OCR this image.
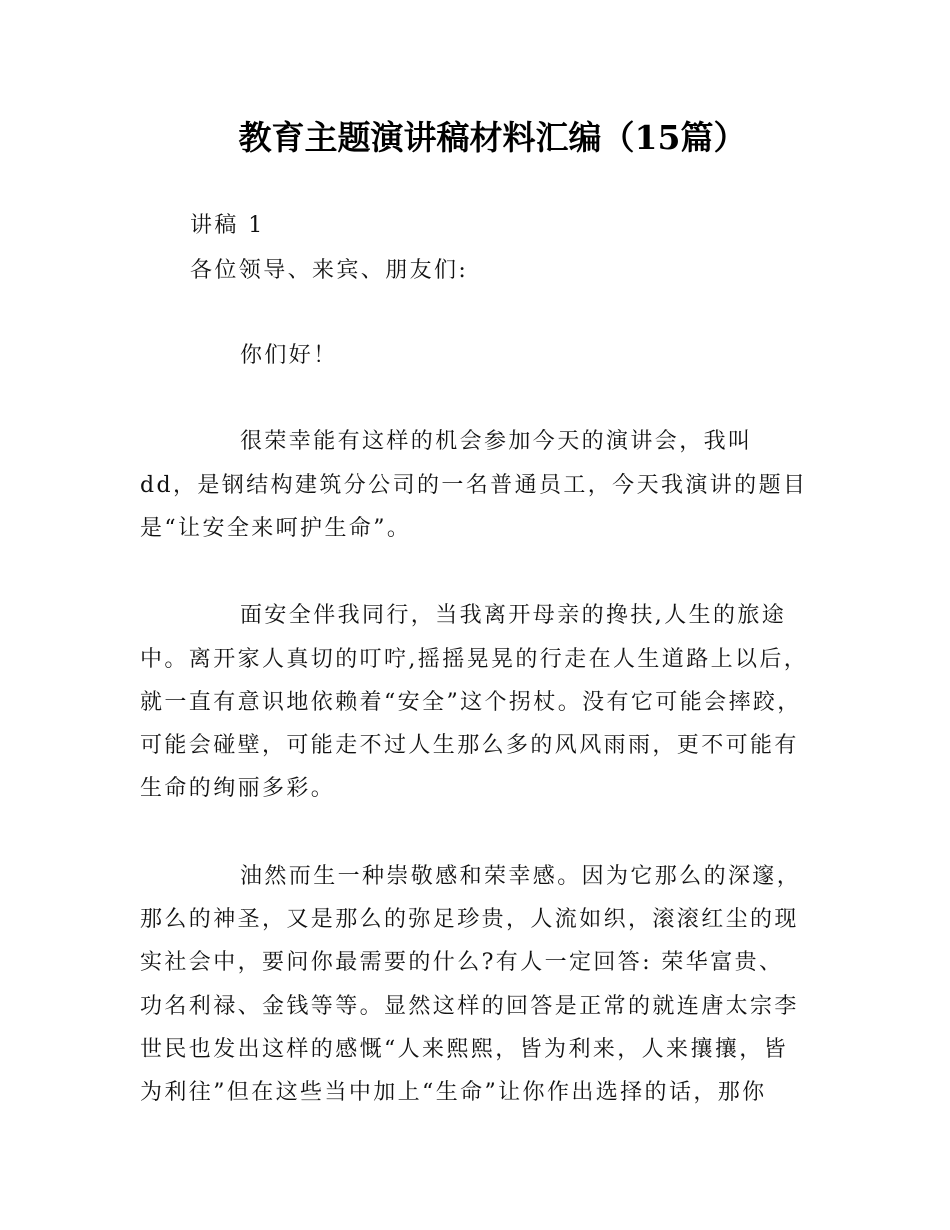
教育主题演讲稿材料汇编（15篇）

讲稿 1

各位领导、来宾、朋友们:

你们好！

很荣幸能有这样的机会参加今天的演讲会，我叫

dd，是钢结构建筑分公司的一名普通员工，今天我演讲的题目

是“让安全来呵护生命”。

面安全伴我同行，当我离开母亲的搀扶,人生的旅途

中。离开家人真切的叮咛,摇摇晃晃的行走在人生道路上以后，

就一直有意识地依赖着“安全”这个拐杖。没有它可能会摔跤，

可能会碰壁，可能走不过人生那么多的风风雨雨，更不可能有

生命的绚丽多彩。

油然而生一种崇敬感和荣幸感。因为它那么的深邃，

那么的神圣，又是那么的弥足珍贵，人流如织，滚滚红尘的现

实社会中，要问你最需要的什么?有人一定回答: 荣华富贵、

功名利禄、金钱等等。显然这样的回答是正常的就连唐太宗李

世民也发出这样的感慨“人来熙熙，皆为利来，人来攘攘，皆

为利往”但在这些当中加上“生命”让你作出选择的话，那你
